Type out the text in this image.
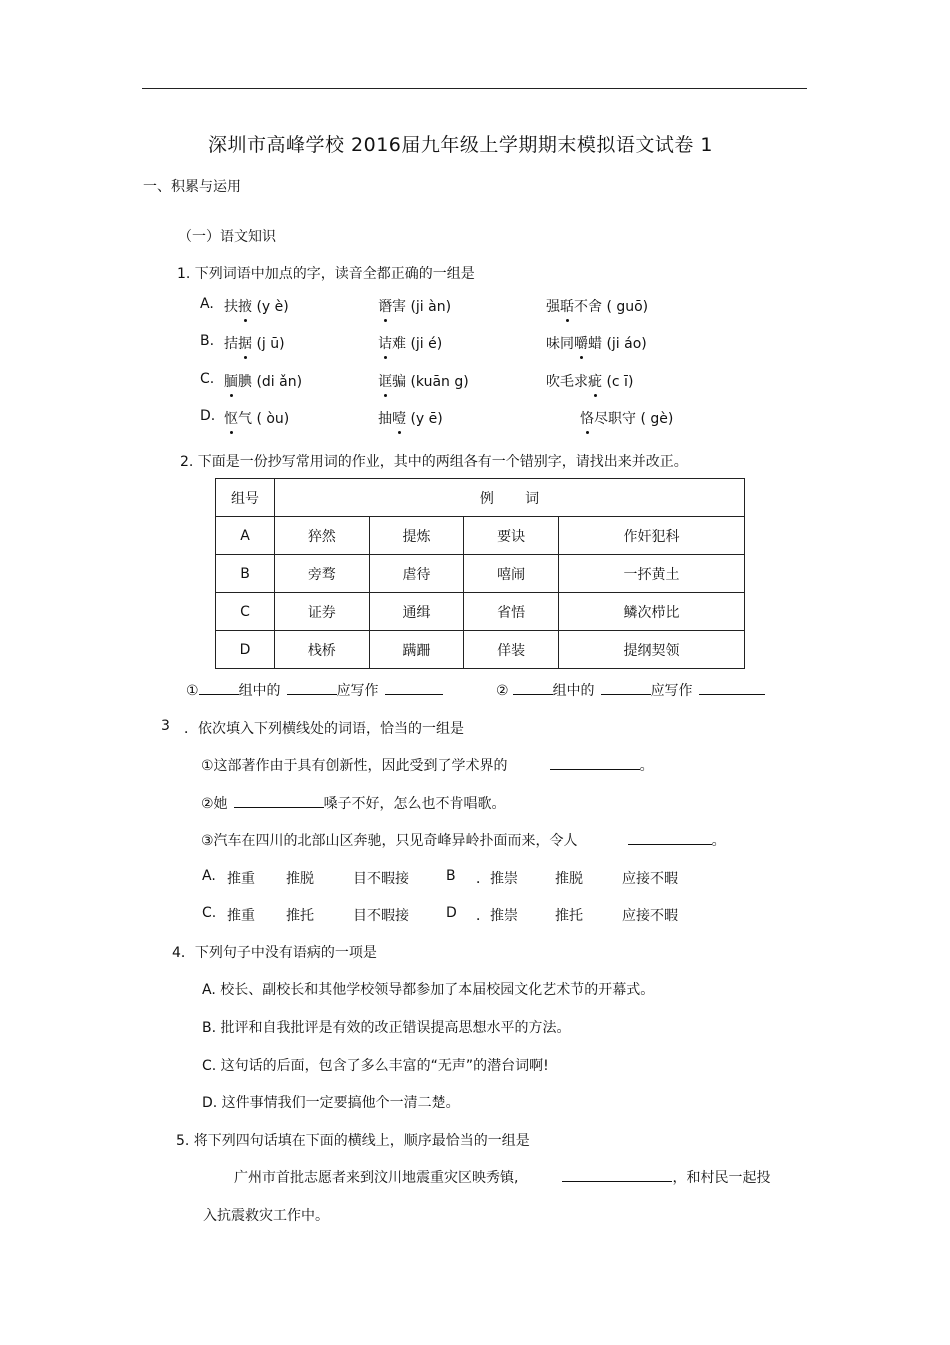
深圳市高峰学校 2016届九年级上学期期末模拟语文试卷 1
一、积累与运用
（一）语文知识
1. 下列词语中加点的字，读音全都正确的一组是
A. 扶掖 (y è)	谮害 (ji àn)	强聒不舍 ( guō)
B. 拮据 (j ū)	诘难 (ji é)	味同嚼蜡 (ji áo)
C. 腼腆 (di ǎn)	诓骗 (kuān g)	吹毛求疵 (c ī)
D. 怄气 ( òu)	抽噎 (y ē)	恪尽职守 ( gè)
2. 下面是一份抄写常用词的作业，其中的两组各有一个错别字，请找出来并改正。
组号	例       词			
A	猝然	提炼	要诀	作奸犯科
B	旁骛	虐待	嘻闹	一抔黄土
C	证券	通缉	省悟	鳞次栉比
D	栈桥	蹒跚	佯装	提纲契领
①	组中的	应写作	②	组中的	应写作
3 ．依次填入下列横线处的词语，恰当的一组是
①这部著作由于具有创新性，因此受到了学术界的	。
②她	嗓子不好，怎么也不肯唱歌。
③汽车在四川的北部山区奔驰，只见奇峰异岭扑面而来，令人	。
A. 推重 推脱	目不暇接	B ．推崇	推脱	应接不暇
C. 推重 推托	目不暇接	D ．推崇	推托	应接不暇
4．下列句子中没有语病的一项是
A. 校长、副校长和其他学校领导都参加了本届校园文化艺术节的开幕式。
B. 批评和自我批评是有效的改正错误提高思想水平的方法。
C. 这句话的后面，包含了多么丰富的“无声”的潜台词啊!
D. 这件事情我们一定要搞他个一清二楚。
5. 将下列四句话填在下面的横线上，顺序最恰当的一组是
广州市首批志愿者来到汶川地震重灾区映秀镇,	，和村民一起投
入抗震救灾工作中。
